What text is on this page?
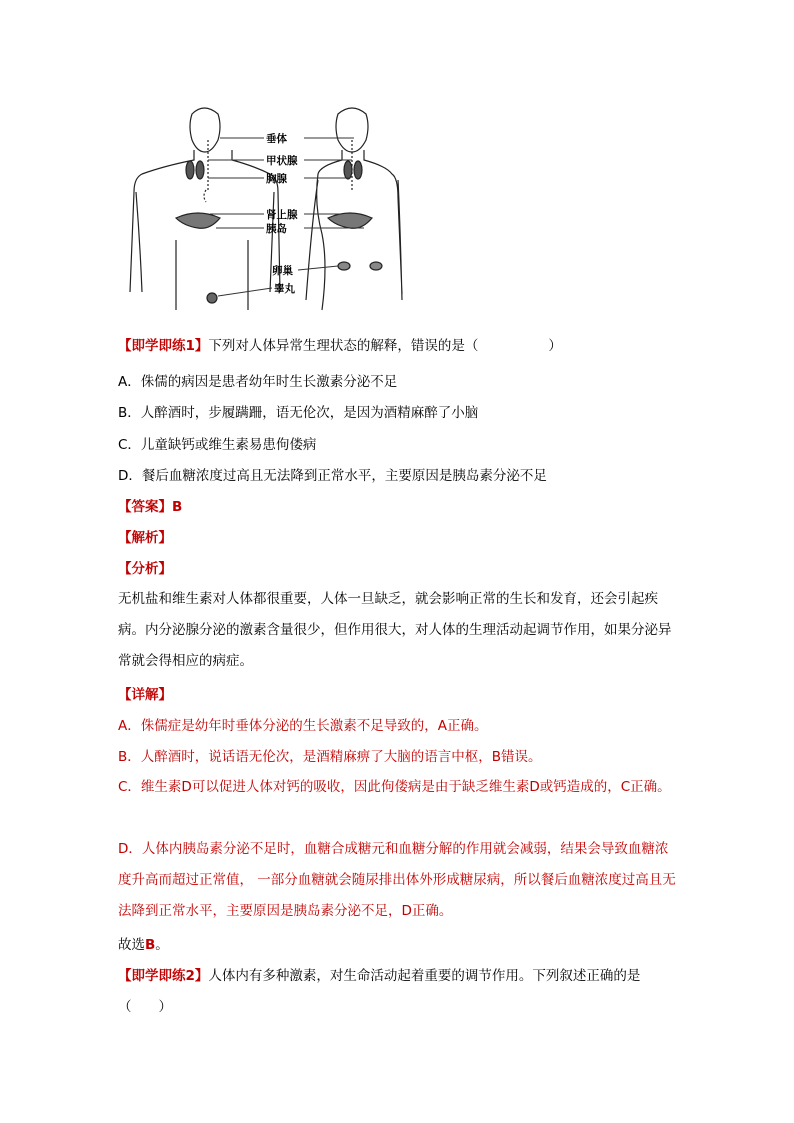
垂体
甲状腺
胸腺
肾上腺
胰岛
卵巢
睾丸
【即学即练1】下列对人体异常生理状态的解释，错误的是（	）
A．侏儒的病因是患者幼年时生长激素分泌不足
B．人醉酒时，步履蹒跚，语无伦次，是因为酒精麻醉了小脑
C．儿童缺钙或维生素易患佝偻病
D．餐后血糖浓度过高且无法降到正常水平，主要原因是胰岛素分泌不足
【答案】B
【解析】
【分析】
无机盐和维生素对人体都很重要，人体一旦缺乏，就会影响正常的生长和发育，还会引起疾病。内分泌腺分泌的激素含量很少，但作用很大，对人体的生理活动起调节作用，如果分泌异常就会得相应的病症。
【详解】
A．侏儒症是幼年时垂体分泌的生长激素不足导致的，A正确。
B．人醉酒时，说话语无伦次，是酒精麻痹了大脑的语言中枢，B错误。
C．维生素D可以促进人体对钙的吸收，因此佝偻病是由于缺乏维生素D或钙造成的，C正确。
D．人体内胰岛素分泌不足时，血糖合成糖元和血糖分解的作用就会减弱，结果会导致血糖浓度升高而超过正常值， 一部分血糖就会随尿排出体外形成糖尿病，所以餐后血糖浓度过高且无法降到正常水平，主要原因是胰岛素分泌不足，D正确。
故选B。
【即学即练2】人体内有多种激素，对生命活动起着重要的调节作用。下列叙述正确的是
（　　）
